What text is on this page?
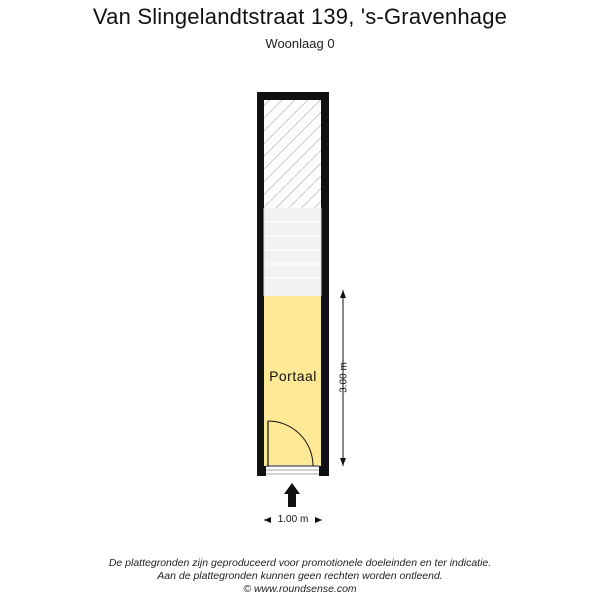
Van Slingelandtstraat 139, 's-Gravenhage
Woonlaag 0
Portaal	3.00 m
1.00 m
De plattegronden zijn geproduceerd voor promotionele doeleinden en ter indicatie.
Aan de plattegronden kunnen geen rechten worden ontleend.
© www.roundsense.com
